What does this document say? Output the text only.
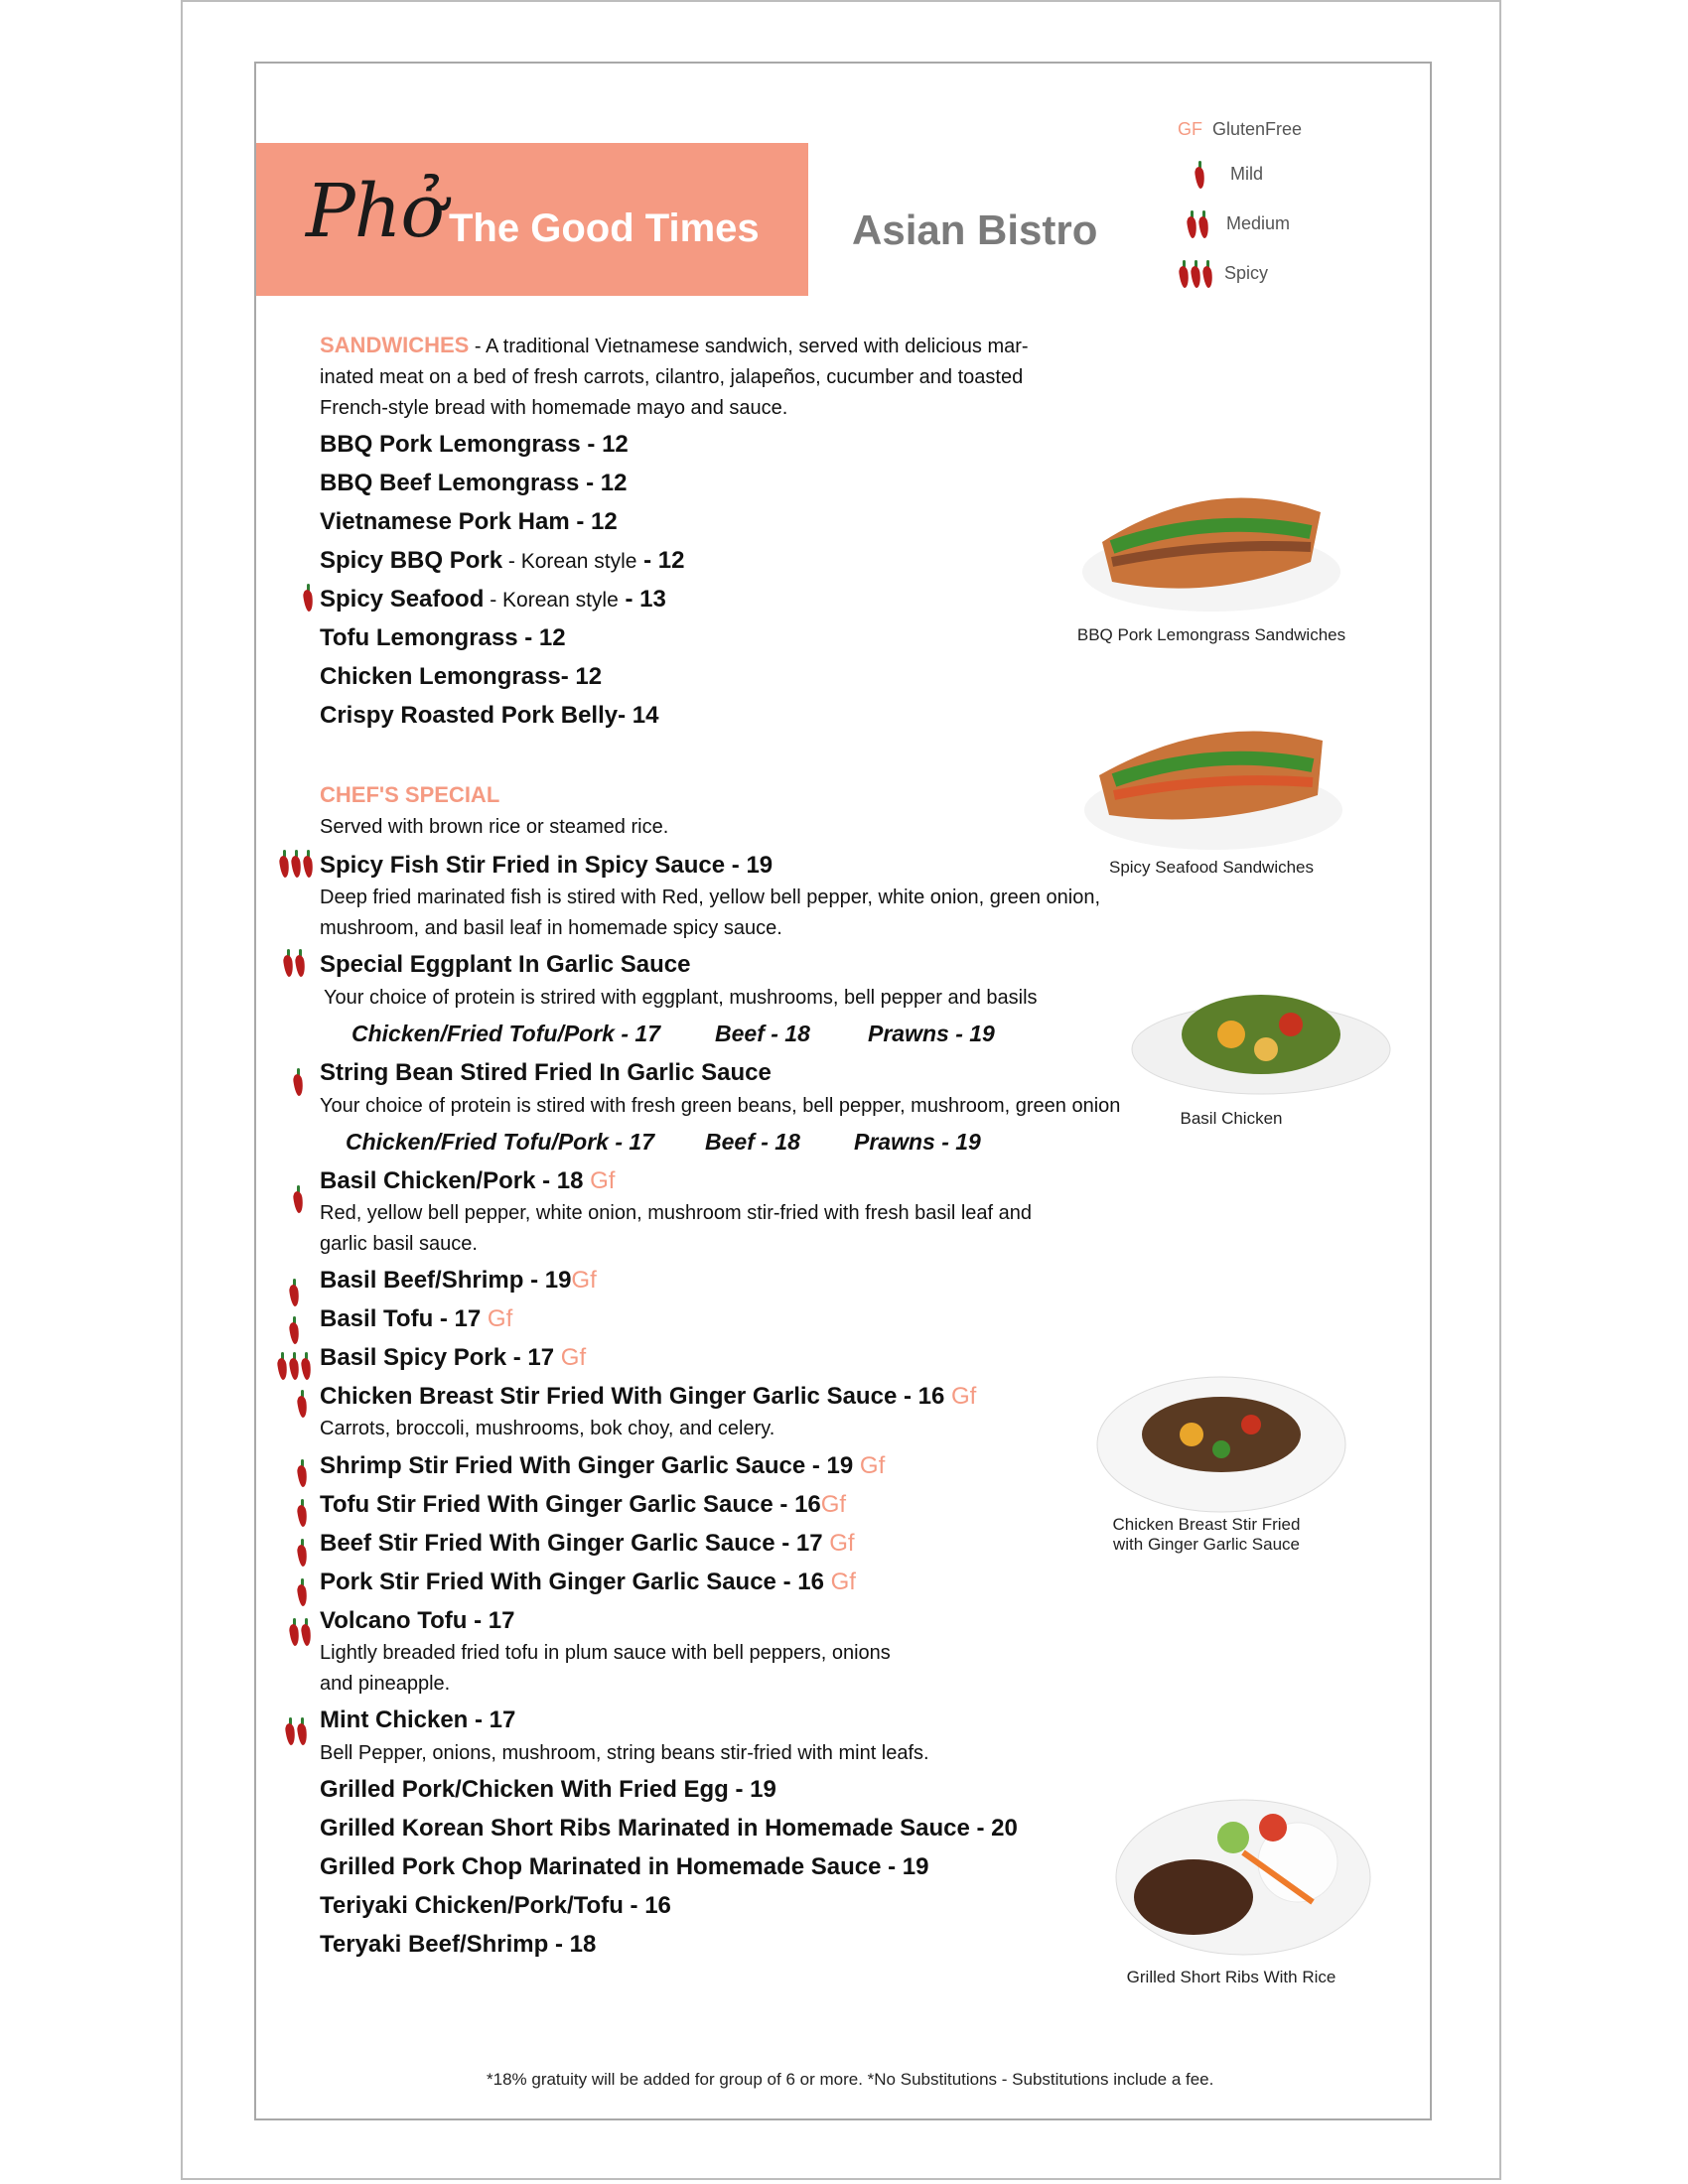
Phở The Good Times Asian Bistro
GF GlutenFree
Mild
Medium
Spicy
SANDWICHES - A traditional Vietnamese sandwich, served with delicious mar-
inated meat on a bed of fresh carrots, cilantro, jalapeños, cucumber and toasted
French-style bread with homemade mayo and sauce.
BBQ Pork Lemongrass - 12
BBQ Beef Lemongrass - 12
Vietnamese Pork Ham - 12
Spicy BBQ Pork - Korean style - 12
Spicy Seafood - Korean style - 13
Tofu Lemongrass - 12
Chicken Lemongrass- 12
Crispy Roasted Pork Belly- 14
CHEF'S SPECIAL
Served with brown rice or steamed rice.
Spicy Fish Stir Fried in Spicy Sauce - 19
Deep fried marinated fish is stired with Red, yellow bell pepper, white onion, green onion,
mushroom, and basil leaf in homemade spicy sauce.
Special Eggplant In Garlic Sauce
Your choice of protein is strired with eggplant, mushrooms, bell pepper and basils
Chicken/Fried Tofu/Pork - 17 Beef - 18	Prawns - 19
String Bean Stired Fried In Garlic Sauce
Your choice of protein is stired with fresh green beans, bell pepper, mushroom, green onion
Chicken/Fried Tofu/Pork - 17 Beef - 18 Prawns - 19
Basil Chicken/Pork - 18 Gf
Red, yellow bell pepper, white onion, mushroom stir-fried with fresh basil leaf and
garlic basil sauce.
Basil Beef/Shrimp - 19Gf
Basil Tofu - 17 Gf
Basil Spicy Pork - 17 Gf
Chicken Breast Stir Fried With Ginger Garlic Sauce - 16 Gf
Carrots, broccoli, mushrooms, bok choy, and celery.
Shrimp Stir Fried With Ginger Garlic Sauce - 19 Gf
Tofu Stir Fried With Ginger Garlic Sauce - 16Gf
Beef Stir Fried With Ginger Garlic Sauce - 17 Gf
Pork Stir Fried With Ginger Garlic Sauce - 16 Gf
Volcano Tofu - 17
Lightly breaded fried tofu in plum sauce with bell peppers, onions
and pineapple.
Mint Chicken - 17
Bell Pepper, onions, mushroom, string beans stir-fried with mint leafs.
Grilled Pork/Chicken With Fried Egg - 19
Grilled Korean Short Ribs Marinated in Homemade Sauce - 20
Grilled Pork Chop Marinated in Homemade Sauce - 19
Teriyaki Chicken/Pork/Tofu - 16
Teryaki Beef/Shrimp - 18
BBQ Pork Lemongrass Sandwiches
Spicy Seafood Sandwiches
Basil Chicken
Chicken Breast Stir Fried
with Ginger Garlic Sauce
Grilled Short Ribs With Rice
*18% gratuity will be added for group of 6 or more. *No Substitutions - Substitutions include a fee.
